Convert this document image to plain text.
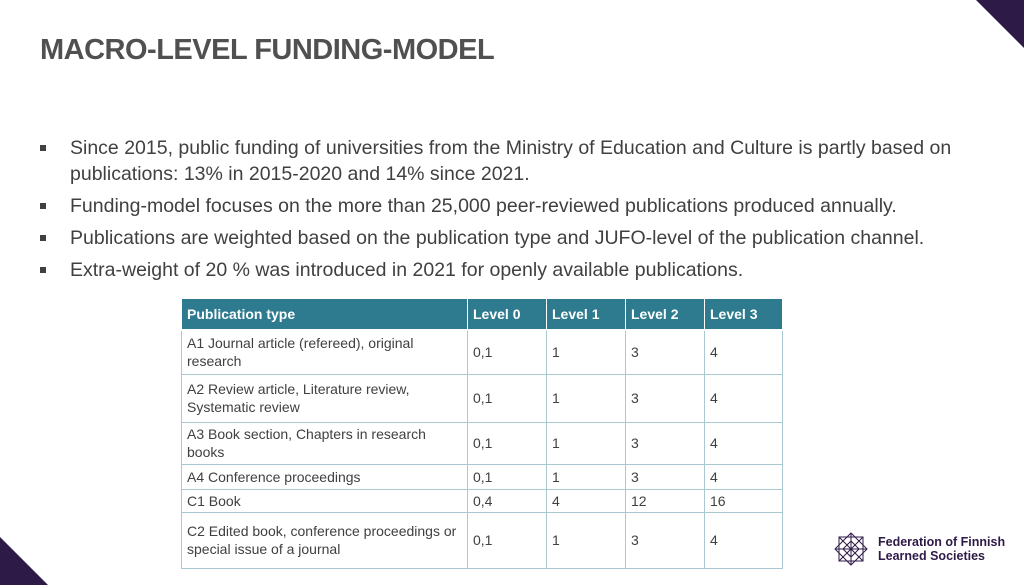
MACRO-LEVEL FUNDING-MODEL
Since 2015, public funding of universities from the Ministry of Education and Culture is partly based on publications: 13% in 2015-2020 and 14% since 2021.
Funding-model focuses on the more than 25,000 peer-reviewed publications produced annually.
Publications are weighted based on the publication type and JUFO-level of the publication channel.
Extra-weight of 20 % was introduced in 2021 for openly available publications.
Publication type	Level 0	Level 1	Level 2	Level 3
A1 Journal article (refereed), original research	0,1	1	3	4
A2 Review article, Literature review, Systematic review	0,1	1	3	4
A3 Book section, Chapters in research books	0,1	1	3	4
A4 Conference proceedings	0,1	1	3	4
C1 Book	0,4	4	12	16
C2 Edited book, conference proceedings or special issue of a journal	0,1	1	3	4
9
Federation of Finnish
Learned Societies
